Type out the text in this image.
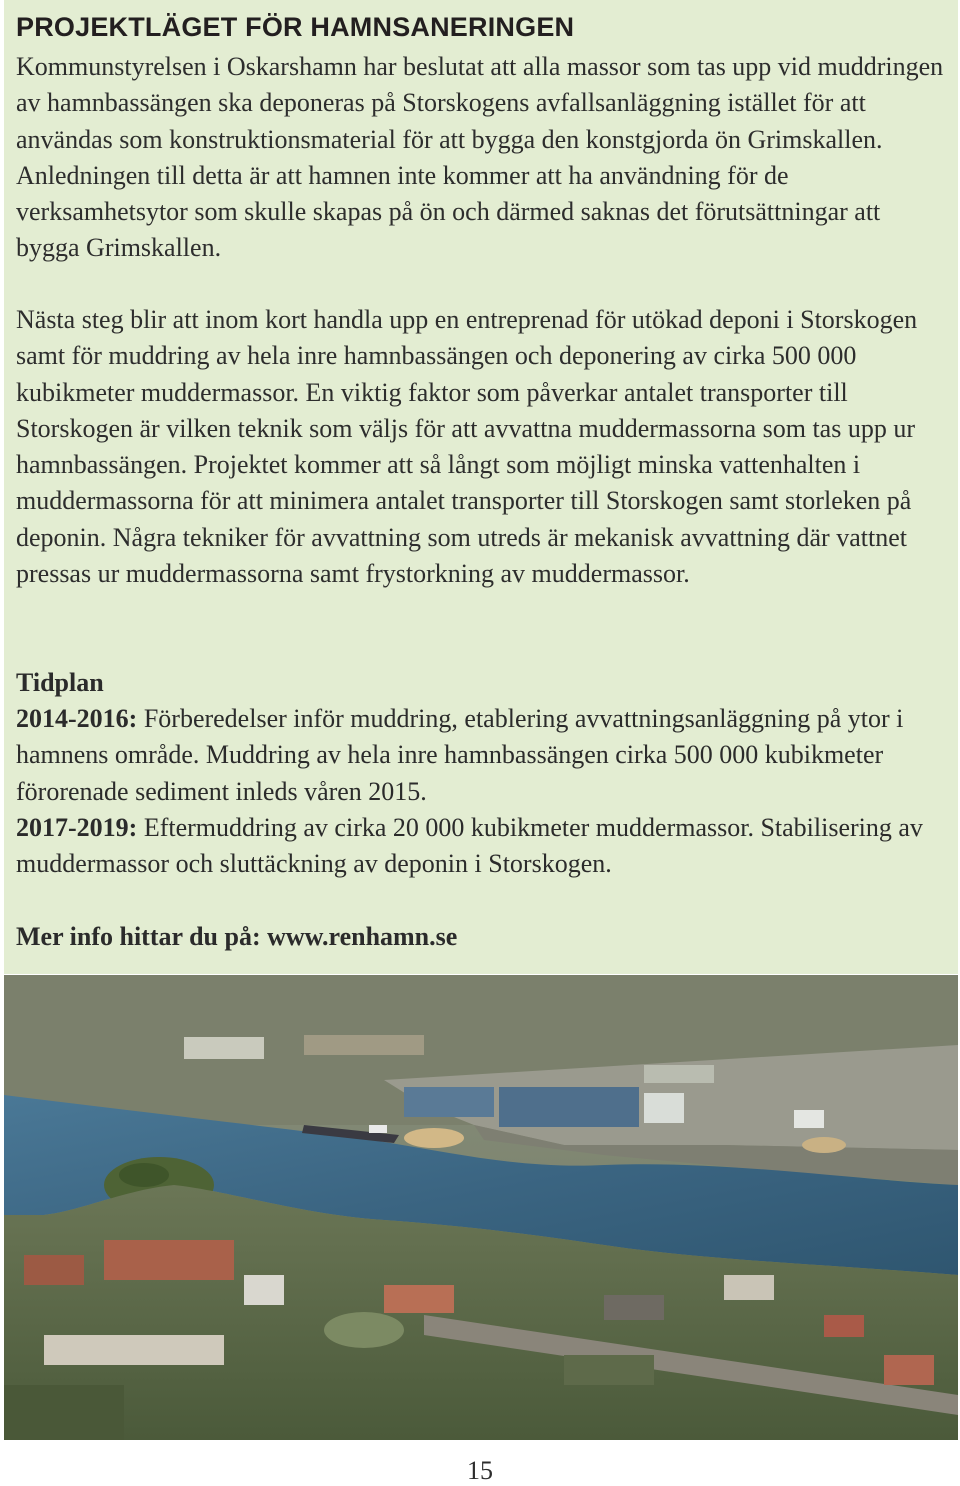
PROJEKTLÄGET FÖR HAMNSANERINGEN

Kommunstyrelsen i Oskarshamn har beslutat att alla massor som tas upp vid muddringen av hamnbassängen ska deponeras på Storskogens avfallsanläggning istället för att användas som konstruktionsmaterial för att bygga den konstgjorda ön Grimskallen. Anledningen till detta är att hamnen inte kommer att ha användning för de verksamhetsytor som skulle skapas på ön och därmed saknas det förutsättningar att bygga Grimskallen.

Nästa steg blir att inom kort handla upp en entreprenad för utökad deponi i Storskogen samt för muddring av hela inre hamnbassängen och deponering av cirka 500 000 kubikmeter muddermassor. En viktig faktor som påverkar antalet transporter till Storskogen är vilken teknik som väljs för att avvattna muddermassorna som tas upp ur hamnbassängen. Projektet kommer att så långt som möjligt minska vattenhalten i muddermassorna för att minimera antalet transporter till Storskogen samt storleken på deponin. Några tekniker för avvattning som utreds är mekanisk avvattning där vattnet pressas ur muddermassorna samt frystorkning av muddermassor.

Tidplan

2014-2016: Förberedelser inför muddring, etablering avvattningsanläggning på ytor i hamnens område. Muddring av hela inre hamnbassängen cirka 500 000 kubikmeter förorenade sediment inleds våren 2015.

2017-2019: Eftermuddring av cirka 20 000 kubikmeter muddermassor. Stabilisering av muddermassor och sluttäckning av deponin i Storskogen.

Mer info hittar du på: www.renhamn.se
15
